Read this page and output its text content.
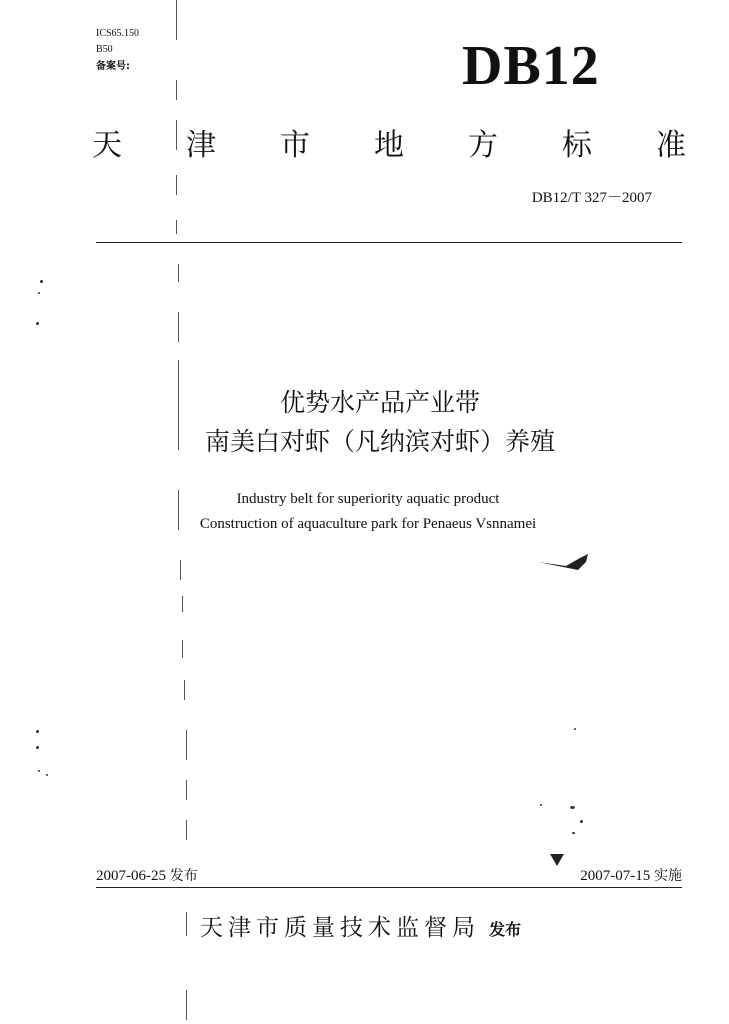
ICS65.150
B50
备案号:	DB12
天 津 市 地 方 标 准
DB12/T 327－2007
优势水产品产业带
南美白对虾（凡纳滨对虾）养殖
Industry belt for superiority aquatic product
Construction of aquaculture park for Penaeus Vsnnamei
2007-06-25 发布	2007-07-15 实施
天津市质量技术监督局 发布
